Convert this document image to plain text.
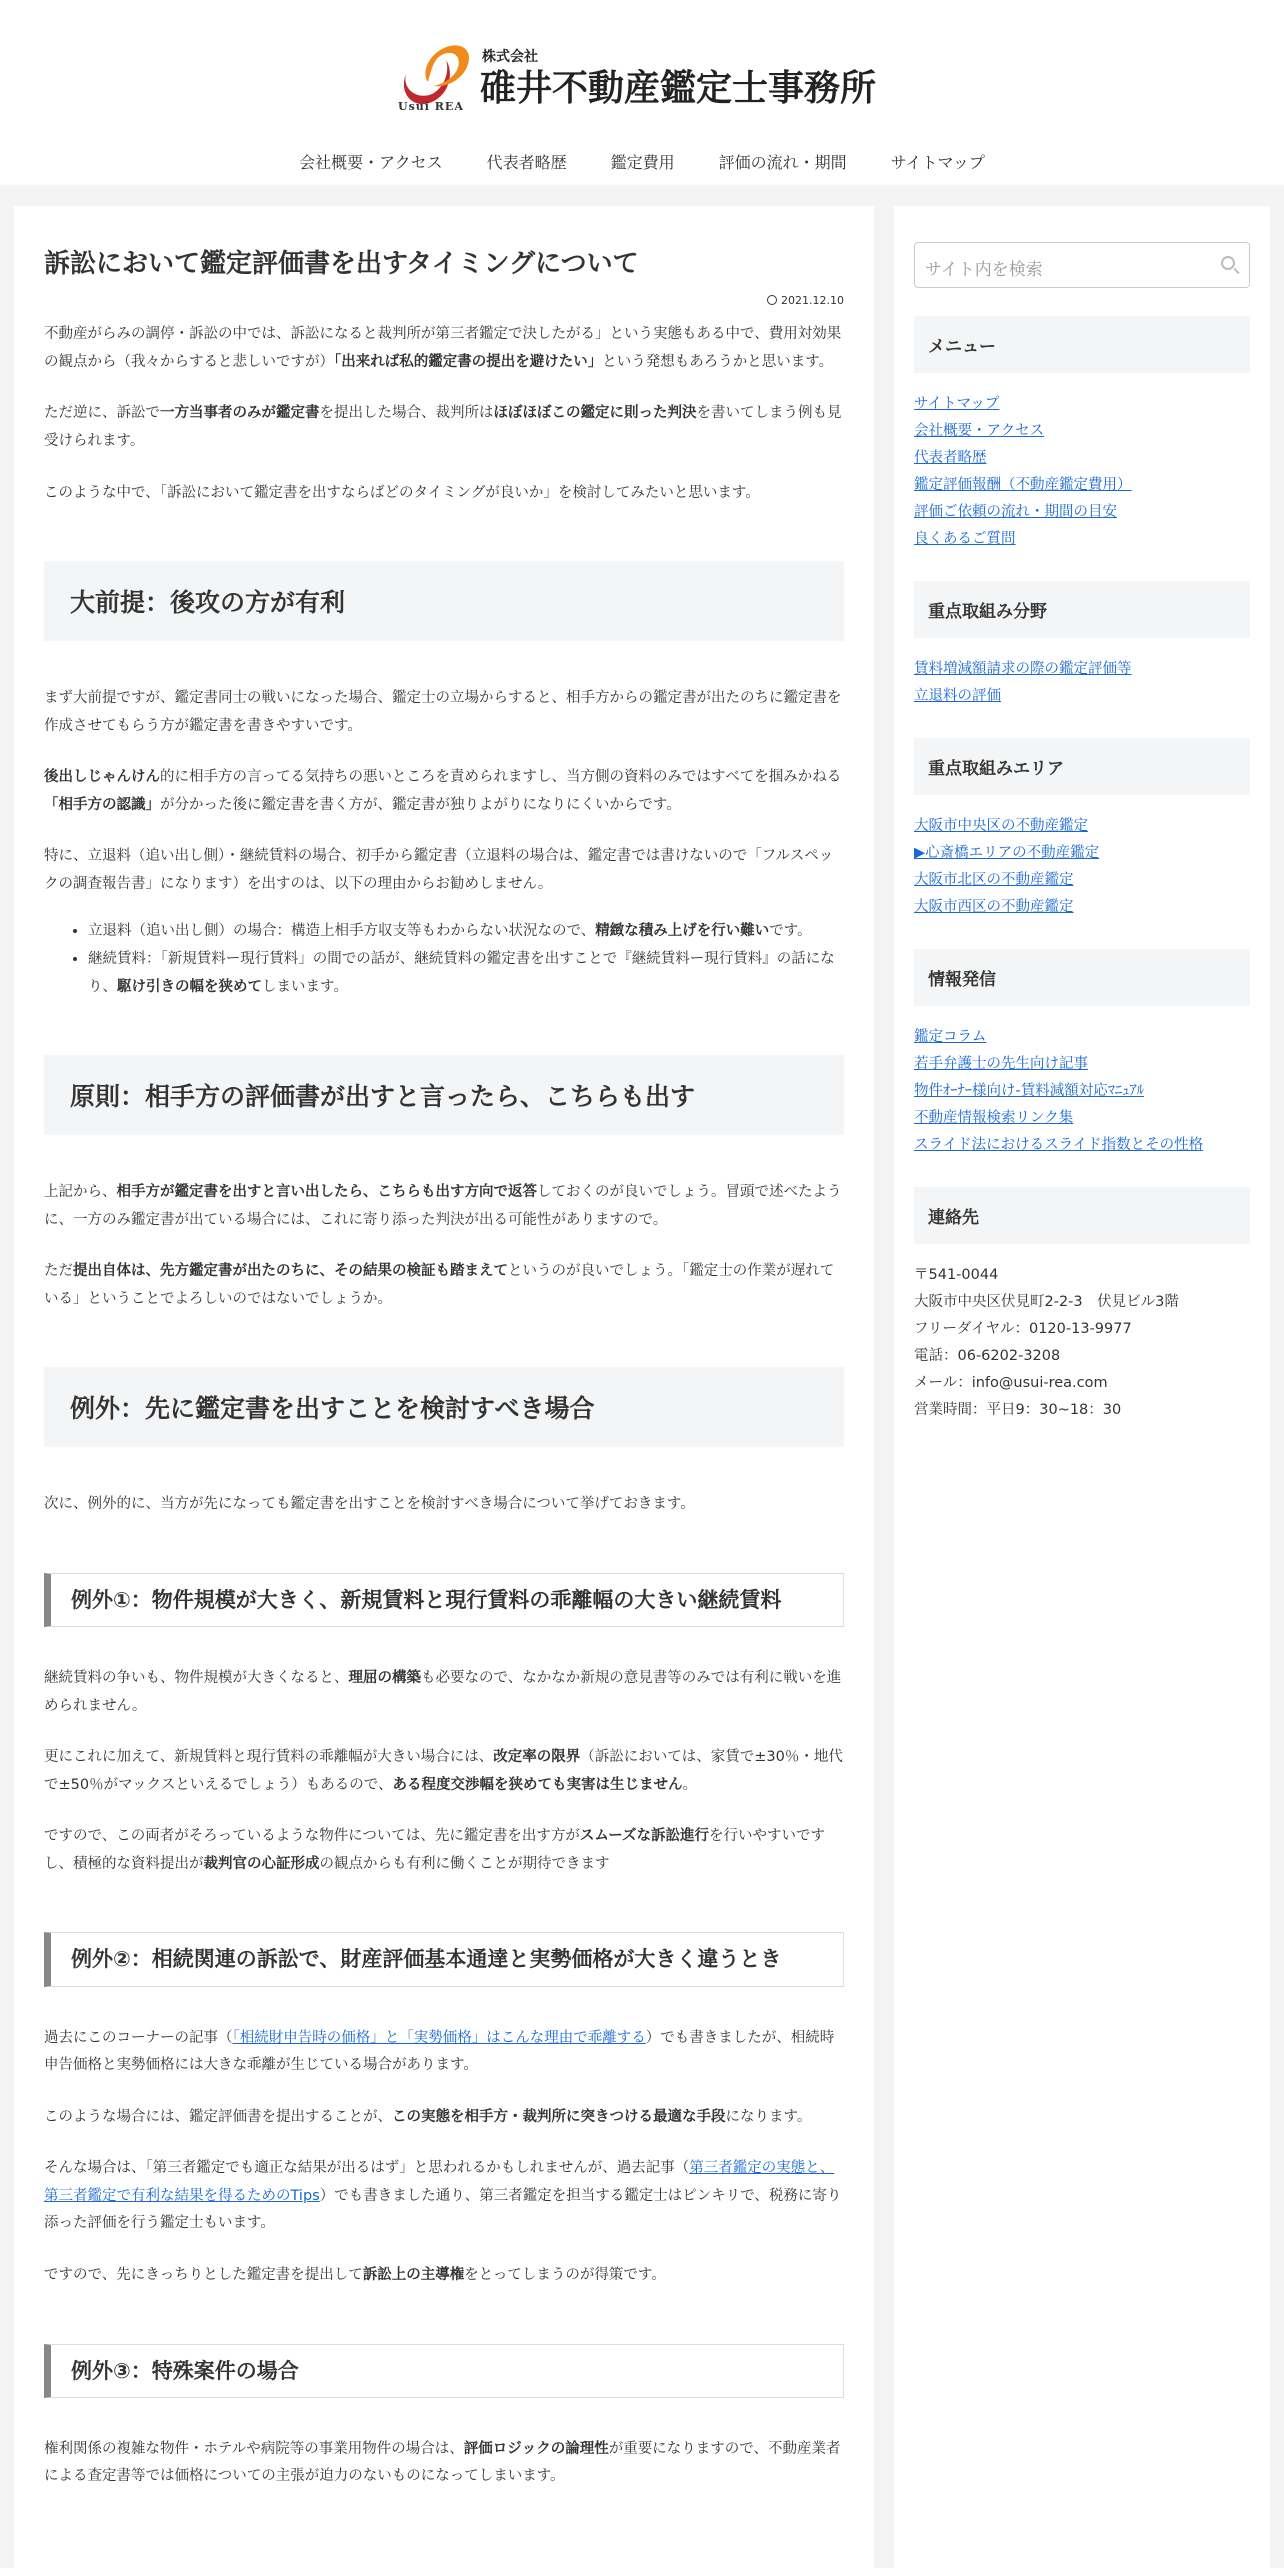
Usui REA
株式会社
碓井不動産鑑定士事務所
会社概要・アクセス	代表者略歴	鑑定費用	評価の流れ・期間	サイトマップ
訴訟において鑑定評価書を出すタイミングについて
2021.12.10

不動産がらみの調停・訴訟の中では、訴訟になると裁判所が第三者鑑定で決したがる」という実態もある中で、費用対効果の観点から（我々からすると悲しいですが）「出来れば私的鑑定書の提出を避けたい」という発想もあろうかと思います。

ただ逆に、訴訟で一方当事者のみが鑑定書を提出した場合、裁判所はほぼほぼこの鑑定に則った判決を書いてしまう例も見受けられます。

このような中で、「訴訟において鑑定書を出すならばどのタイミングが良いか」を検討してみたいと思います。

大前提：後攻の方が有利

まず大前提ですが、鑑定書同士の戦いになった場合、鑑定士の立場からすると、相手方からの鑑定書が出たのちに鑑定書を作成させてもらう方が鑑定書を書きやすいです。

後出しじゃんけん的に相手方の言ってる気持ちの悪いところを責められますし、当方側の資料のみではすべてを掴みかねる「相手方の認識」が分かった後に鑑定書を書く方が、鑑定書が独りよがりになりにくいからです。

特に、立退料（追い出し側）・継続賃料の場合、初手から鑑定書（立退料の場合は、鑑定書では書けないので「フルスペックの調査報告書」になります）を出すのは、以下の理由からお勧めしません。

• 立退料（追い出し側）の場合：構造上相手方収支等もわからない状況なので、精緻な積み上げを行い難いです。
• 継続賃料：「新規賃料ー現行賃料」の間での話が、継続賃料の鑑定書を出すことで『継続賃料ー現行賃料』の話になり、駆け引きの幅を狭めてしまいます。
原則：相手方の評価書が出すと言ったら、こちらも出す

上記から、相手方が鑑定書を出すと言い出したら、こちらも出す方向で返答しておくのが良いでしょう。冒頭で述べたように、一方のみ鑑定書が出ている場合には、これに寄り添った判決が出る可能性がありますので。

ただ提出自体は、先方鑑定書が出たのちに、その結果の検証も踏まえてというのが良いでしょう。「鑑定士の作業が遅れている」ということでよろしいのではないでしょうか。

例外：先に鑑定書を出すことを検討すべき場合

次に、例外的に、当方が先になっても鑑定書を出すことを検討すべき場合について挙げておきます。

例外①：物件規模が大きく、新規賃料と現行賃料の乖離幅の大きい継続賃料

継続賃料の争いも、物件規模が大きくなると、理屈の構築も必要なので、なかなか新規の意見書等のみでは有利に戦いを進められません。

更にこれに加えて、新規賃料と現行賃料の乖離幅が大きい場合には、改定率の限界（訴訟においては、家賃で±30％・地代で±50％がマックスといえるでしょう）もあるので、ある程度交渉幅を狭めても実害は生じません。

ですので、この両者がそろっているような物件については、先に鑑定書を出す方がスムーズな訴訟進行を行いやすいですし、積極的な資料提出が裁判官の心証形成の観点からも有利に働くことが期待できます

例外②：相続関連の訴訟で、財産評価基本通達と実勢価格が大きく違うとき

過去にこのコーナーの記事（「相続財申告時の価格」と「実勢価格」はこんな理由で乖離する）でも書きましたが、相続時申告価格と実勢価格には大きな乖離が生じている場合があります。

このような場合には、鑑定評価書を提出することが、この実態を相手方・裁判所に突きつける最適な手段になります。

そんな場合は、「第三者鑑定でも適正な結果が出るはず」と思われるかもしれませんが、過去記事（第三者鑑定の実態と、第三者鑑定で有利な結果を得るためのTips）でも書きました通り、第三者鑑定を担当する鑑定士はピンキリで、税務に寄り添った評価を行う鑑定士もいます。

ですので、先にきっちりとした鑑定書を提出して訴訟上の主導権をとってしまうのが得策です。

例外③：特殊案件の場合

権利関係の複雑な物件・ホテルや病院等の事業用物件の場合は、評価ロジックの論理性が重要になりますので、不動産業者による査定書等では価格についての主張が迫力のないものになってしまいます。

サイト内を検索
メニュー
サイトマップ
会社概要・アクセス
代表者略歴
鑑定評価報酬（不動産鑑定費用）
評価ご依頼の流れ・期間の目安
良くあるご質問
重点取組み分野
賃料増減額請求の際の鑑定評価等
立退料の評価
重点取組みエリア
大阪市中央区の不動産鑑定
▶心斎橋エリアの不動産鑑定
大阪市北区の不動産鑑定
大阪市西区の不動産鑑定
情報発信
鑑定コラム
若手弁護士の先生向け記事
物件ｵｰﾅｰ様向け-賃料減額対応ﾏﾆｭｱﾙ
不動産情報検索リンク集
スライド法におけるスライド指数とその性格
連絡先
〒541-0044
大阪市中央区伏見町2-2-3　伏見ビル3階
フリーダイヤル：0120-13-9977
電話：06-6202-3208
メール：info@usui-rea.com
営業時間：平日9：30~18：30
